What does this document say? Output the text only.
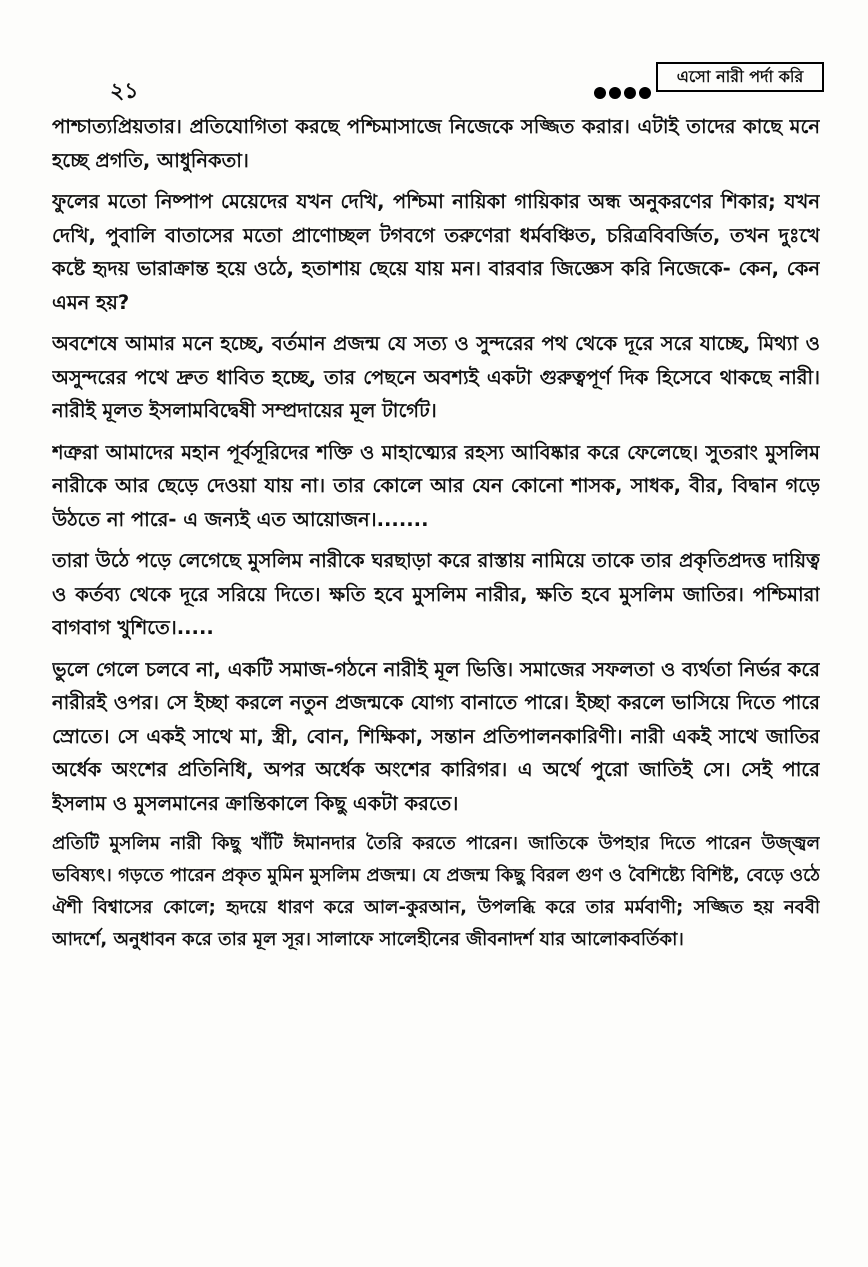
২১
এসো নারী পর্দা করি

পাশ্চাত্যপ্রিয়তার। প্রতিযোগিতা করছে পশ্চিমাসাজে নিজেকে সজ্জিত করার। এটাই তাদের কাছে মনে হচ্ছে প্রগতি, আধুনিকতা।

ফুলের মতো নিষ্পাপ মেয়েদের যখন দেখি, পশ্চিমা নায়িকা গায়িকার অন্ধ অনুকরণের শিকার; যখন দেখি, পুবালি বাতাসের মতো প্রাণোচ্ছল টগবগে তরুণেরা ধর্মবঞ্চিত, চরিত্রবিবর্জিত, তখন দুঃখে কষ্টে হৃদয় ভারাক্রান্ত হয়ে ওঠে, হতাশায় ছেয়ে যায় মন। বারবার জিজ্ঞেস করি নিজেকে- কেন, কেন এমন হয়?

অবশেষে আমার মনে হচ্ছে, বর্তমান প্রজন্ম যে সত্য ও সুন্দরের পথ থেকে দূরে সরে যাচ্ছে, মিথ্যা ও অসুন্দরের পথে দ্রুত ধাবিত হচ্ছে, তার পেছনে অবশ্যই একটা গুরুত্বপূর্ণ দিক হিসেবে থাকছে নারী। নারীই মূলত ইসলামবিদ্বেষী সম্প্রদায়ের মূল টার্গেট।

শত্রুরা আমাদের মহান পূর্বসূরিদের শক্তি ও মাহাত্ম্যের রহস্য আবিষ্কার করে ফেলেছে। সুতরাং মুসলিম নারীকে আর ছেড়ে দেওয়া যায় না। তার কোলে আর যেন কোনো শাসক, সাধক, বীর, বিদ্বান গড়ে উঠতে না পারে- এ জন্যই এত আয়োজন।.......

তারা উঠে পড়ে লেগেছে মুসলিম নারীকে ঘরছাড়া করে রাস্তায় নামিয়ে তাকে তার প্রকৃতিপ্রদত্ত দায়িত্ব ও কর্তব্য থেকে দূরে সরিয়ে দিতে। ক্ষতি হবে মুসলিম নারীর, ক্ষতি হবে মুসলিম জাতির। পশ্চিমারা বাগবাগ খুশিতে।.....

ভুলে গেলে চলবে না, একটি সমাজ-গঠনে নারীই মূল ভিত্তি। সমাজের সফলতা ও ব্যর্থতা নির্ভর করে নারীরই ওপর। সে ইচ্ছা করলে নতুন প্রজন্মকে যোগ্য বানাতে পারে। ইচ্ছা করলে ভাসিয়ে দিতে পারে স্রোতে। সে একই সাথে মা, স্ত্রী, বোন, শিক্ষিকা, সন্তান প্রতিপালনকারিণী। নারী একই সাথে জাতির অর্ধেক অংশের প্রতিনিধি, অপর অর্ধেক অংশের কারিগর। এ অর্থে পুরো জাতিই সে। সেই পারে ইসলাম ও মুসলমানের ক্রান্তিকালে কিছু একটা করতে।

প্রতিটি মুসলিম নারী কিছু খাঁটি ঈমানদার তৈরি করতে পারেন। জাতিকে উপহার দিতে পারেন উজ্জ্বল ভবিষ্যৎ। গড়তে পারেন প্রকৃত মুমিন মুসলিম প্রজন্ম। যে প্রজন্ম কিছু বিরল গুণ ও বৈশিষ্ট্যে বিশিষ্ট, বেড়ে ওঠে ঐশী বিশ্বাসের কোলে; হৃদয়ে ধারণ করে আল-কুরআন, উপলব্ধি করে তার মর্মবাণী; সজ্জিত হয় নববী আদর্শে, অনুধাবন করে তার মূল সূর। সালাফে সালেহীনের জীবনাদর্শ যার আলোকবর্তিকা।
